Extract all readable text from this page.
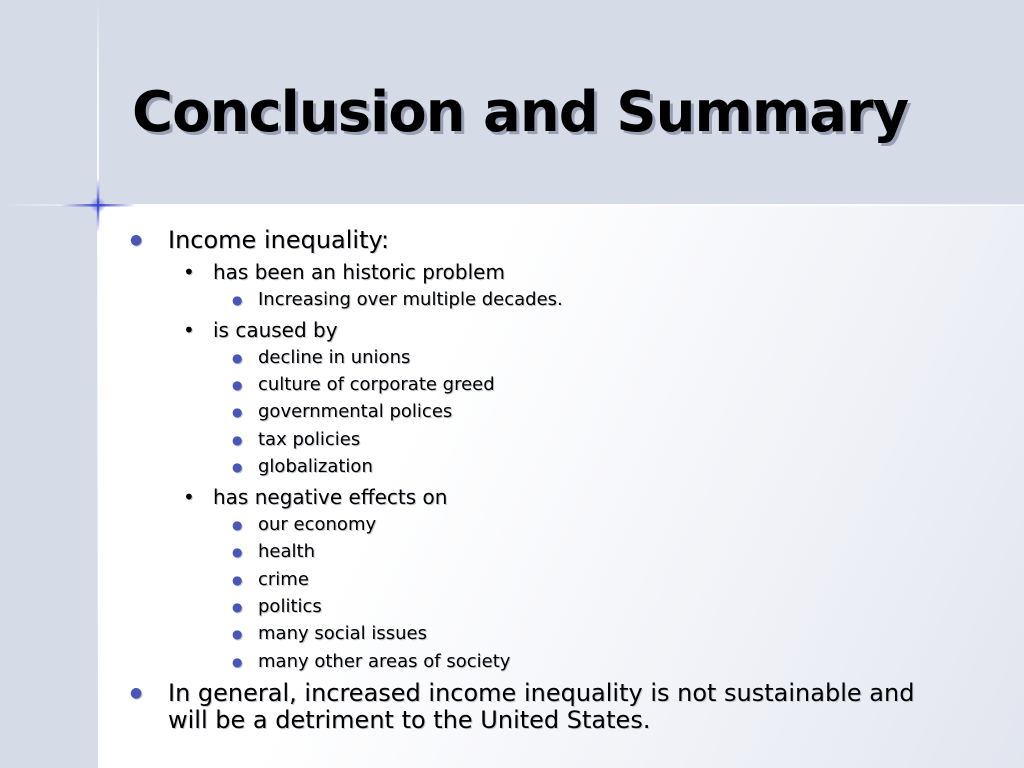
Conclusion and Summary
● Income inequality:
• has been an historic problem
● Increasing over multiple decades.
• is caused by
● decline in unions
● culture of corporate greed
● governmental polices
● tax policies
● globalization
• has negative effects on
● our economy
● health
● crime
● politics
● many social issues
● many other areas of society
● In general, increased income inequality is not sustainable and will be a detriment to the United States.
